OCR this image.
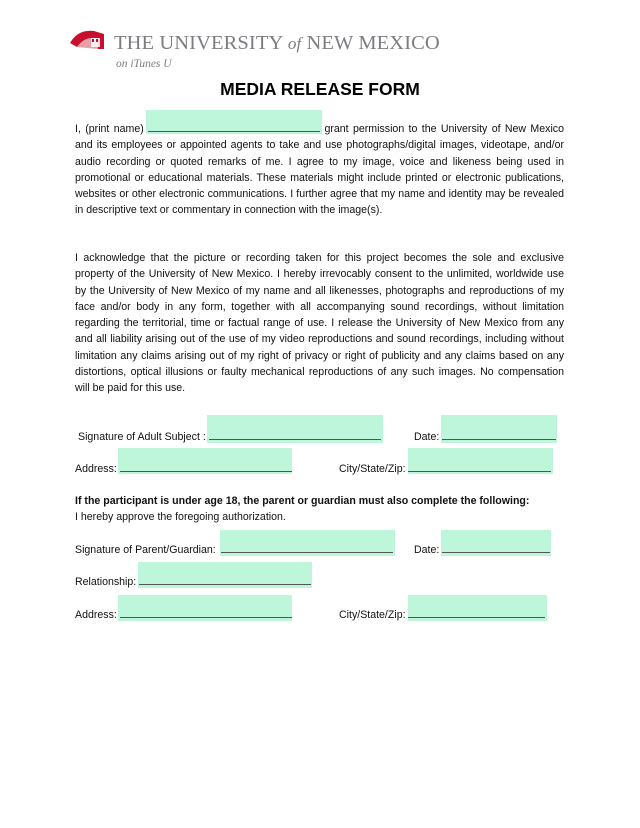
THE UNIVERSITY of NEW MEXICO
on iTunes U
MEDIA RELEASE FORM

I, (print name)	grant permission to the University of New Mexico and its employees or appointed agents to take and use photographs/digital images, videotape, and/or audio recording or quoted remarks of me. I agree to my image, voice and likeness being used in promotional or educational materials. These materials might include printed or electronic publications, websites or other electronic communications. I further agree that my name and identity may be revealed in descriptive text or commentary in connection with the image(s).

I acknowledge that the picture or recording taken for this project becomes the sole and exclusive property of the University of New Mexico. I hereby irrevocably consent to the unlimited, worldwide use by the University of New Mexico of my name and all likenesses, photographs and reproductions of my face and/or body in any form, together with all accompanying sound recordings, without limitation regarding the territorial, time or factual range of use. I release the University of New Mexico from any and all liability arising out of the use of my video reproductions and sound recordings, including without limitation any claims arising out of my right of privacy or right of publicity and any claims based on any distortions, optical illusions or faulty mechanical reproductions of any such images. No compensation will be paid for this use.

Signature of Adult Subject :	Date:
Address:	City/State/Zip:
If the participant is under age 18, the parent or guardian must also complete the following:
I hereby approve the foregoing authorization.
Signature of Parent/Guardian:	Date:
Relationship:
Address:	City/State/Zip:
